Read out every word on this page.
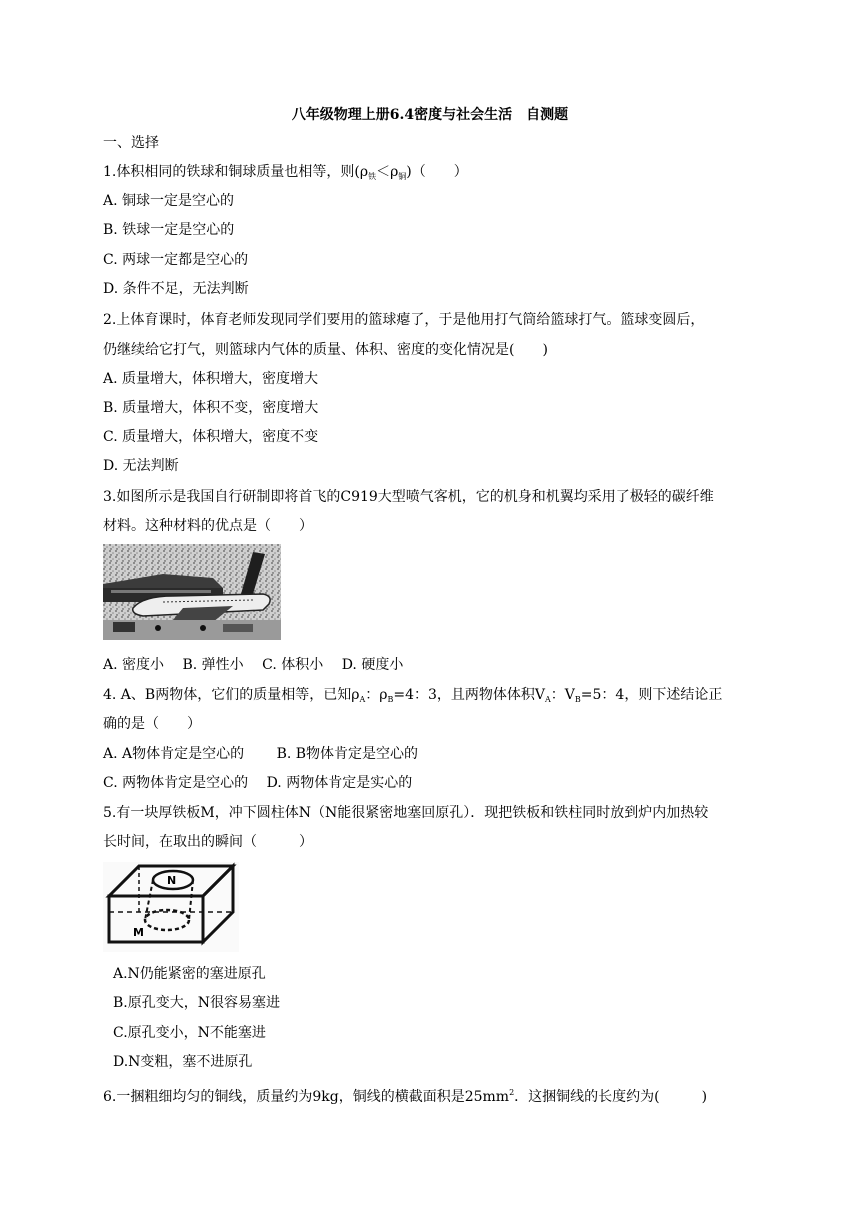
八年级物理上册6.4密度与社会生活　自测题
一、选择
1.体积相同的铁球和铜球质量也相等，则$(\rho_铁<\rho_铜)$（　　）
A. 铜球一定是空心的
B. 铁球一定是空心的
C. 两球一定都是空心的
D. 条件不足，无法判断
2.上体育课时，体育老师发现同学们要用的篮球瘪了，于是他用打气筒给篮球打气。篮球变圆后，
仍继续给它打气，则篮球内气体的质量、体积、密度的变化情况是(　　)
A. 质量增大，体积增大，密度增大
B. 质量增大，体积不变，密度增大
C. 质量增大，体积增大，密度不变
D. 无法判断
3.如图所示是我国自行研制即将首飞的C919大型喷气客机，它的机身和机翼均采用了极轻的碳纤维
材料。这种材料的优点是（　　）
A. 密度小 B. 弹性小 C. 体积小 D. 硬度小
4. A、B两物体，它们的质量相等，已知$\rho_A$：$\rho_B=4$：3，且两物体体积$V_A$：$V_B=5$：4，则下述结论正
确的是（　　）
A. A物体肯定是空心的 B. B物体肯定是空心的
C. 两物体肯定是空心的 D. 两物体肯定是实心的
5.有一块厚铁板M，冲下圆柱体N（N能很紧密地塞回原孔）．现把铁板和铁柱同时放到炉内加热较
长时间，在取出的瞬间（　　　）
N
M
A.N仍能紧密的塞进原孔
B.原孔变大，N很容易塞进
C.原孔变小，N不能塞进
D.N变粗，塞不进原孔
6.一捆粗细均匀的铜线，质量约为9kg，铜线的横截面积是$25mm^2$．这捆铜线的长度约为(　　　)
